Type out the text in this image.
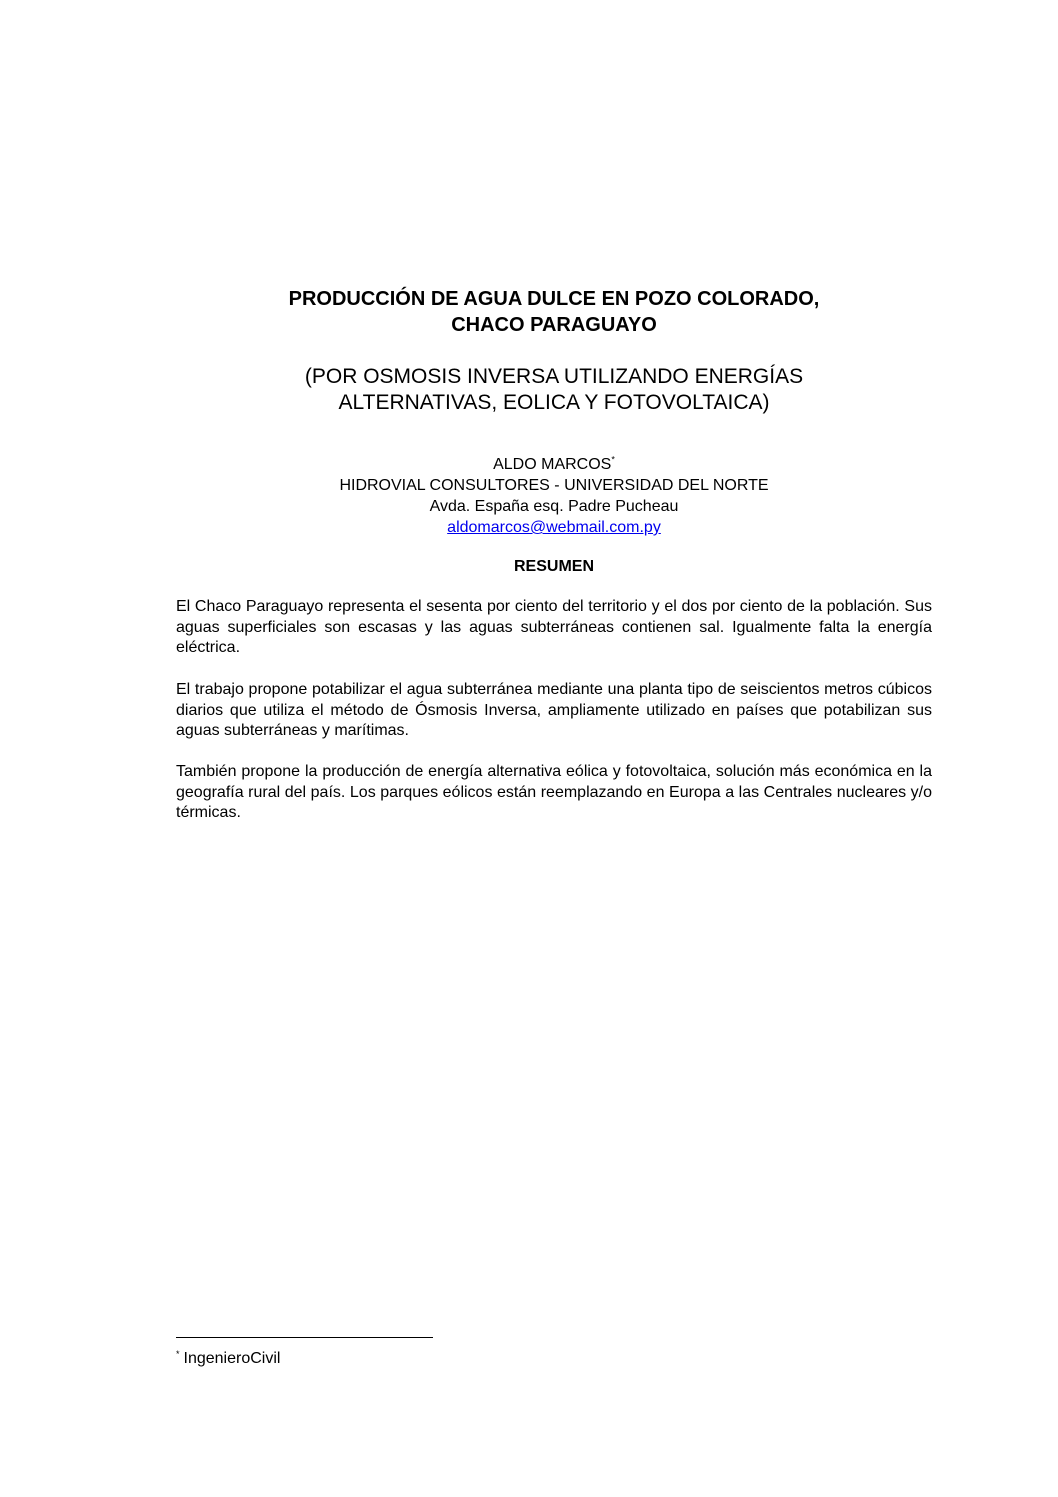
PRODUCCIÓN DE AGUA DULCE EN POZO COLORADO,

CHACO PARAGUAYO

(POR OSMOSIS INVERSA UTILIZANDO ENERGÍAS

ALTERNATIVAS, EOLICA Y FOTOVOLTAICA)

ALDO MARCOS*

HIDROVIAL CONSULTORES - UNIVERSIDAD DEL NORTE

Avda. España esq. Padre Pucheau

aldomarcos@webmail.com.py

RESUMEN

El Chaco Paraguayo representa el sesenta por ciento del territorio y el dos por ciento de la población. Sus aguas superficiales son escasas y las aguas subterráneas contienen sal. Igualmente falta la energía eléctrica.

El trabajo propone potabilizar el agua subterránea mediante una planta tipo de seiscientos metros cúbicos diarios que utiliza el método de Ósmosis Inversa, ampliamente utilizado en países que potabilizan sus aguas subterráneas y marítimas.

También propone la producción de energía alternativa eólica y fotovoltaica, solución más económica en la geografía rural del país. Los parques eólicos están reemplazando en Europa a las Centrales nucleares y/o térmicas.

* IngenieroCivil
